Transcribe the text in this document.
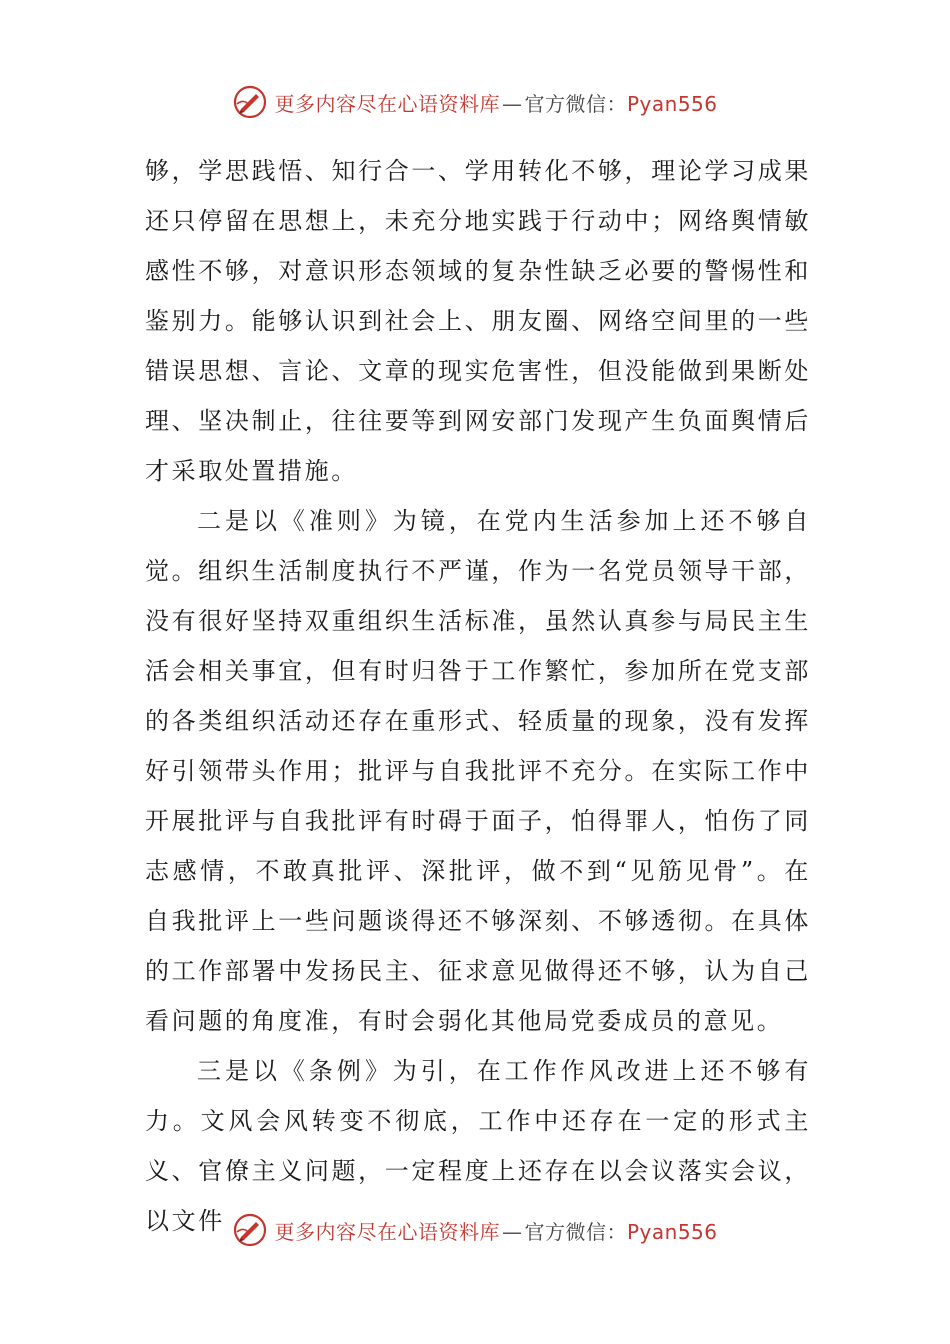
更多内容尽在心语资料库 — 官方微信：Pyan556

够，学思践悟、知行合一、学用转化不够，理论学习成果还只停留在思想上，未充分地实践于行动中；网络舆情敏感性不够，对意识形态领域的复杂性缺乏必要的警惕性和鉴别力。能够认识到社会上、朋友圈、网络空间里的一些错误思想、言论、文章的现实危害性，但没能做到果断处理、坚决制止，往往要等到网安部门发现产生负面舆情后才采取处置措施。

二是以《准则》为镜，在党内生活参加上还不够自觉。组织生活制度执行不严谨，作为一名党员领导干部，没有很好坚持双重组织生活标准，虽然认真参与局民主生活会相关事宜，但有时归咎于工作繁忙，参加所在党支部的各类组织活动还存在重形式、轻质量的现象，没有发挥好引领带头作用；批评与自我批评不充分。在实际工作中开展批评与自我批评有时碍于面子，怕得罪人，怕伤了同志感情，不敢真批评、深批评，做不到“见筋见骨”。在自我批评上一些问题谈得还不够深刻、不够透彻。在具体的工作部署中发扬民主、征求意见做得还不够，认为自己看问题的角度准，有时会弱化其他局党委成员的意见。

三是以《条例》为引，在工作作风改进上还不够有力。文风会风转变不彻底，工作中还存在一定的形式主义、官僚主义问题，一定程度上还存在以会议落实会议，以文件	更多内容尽在心语资料库 — 官方微信：Pyan556
